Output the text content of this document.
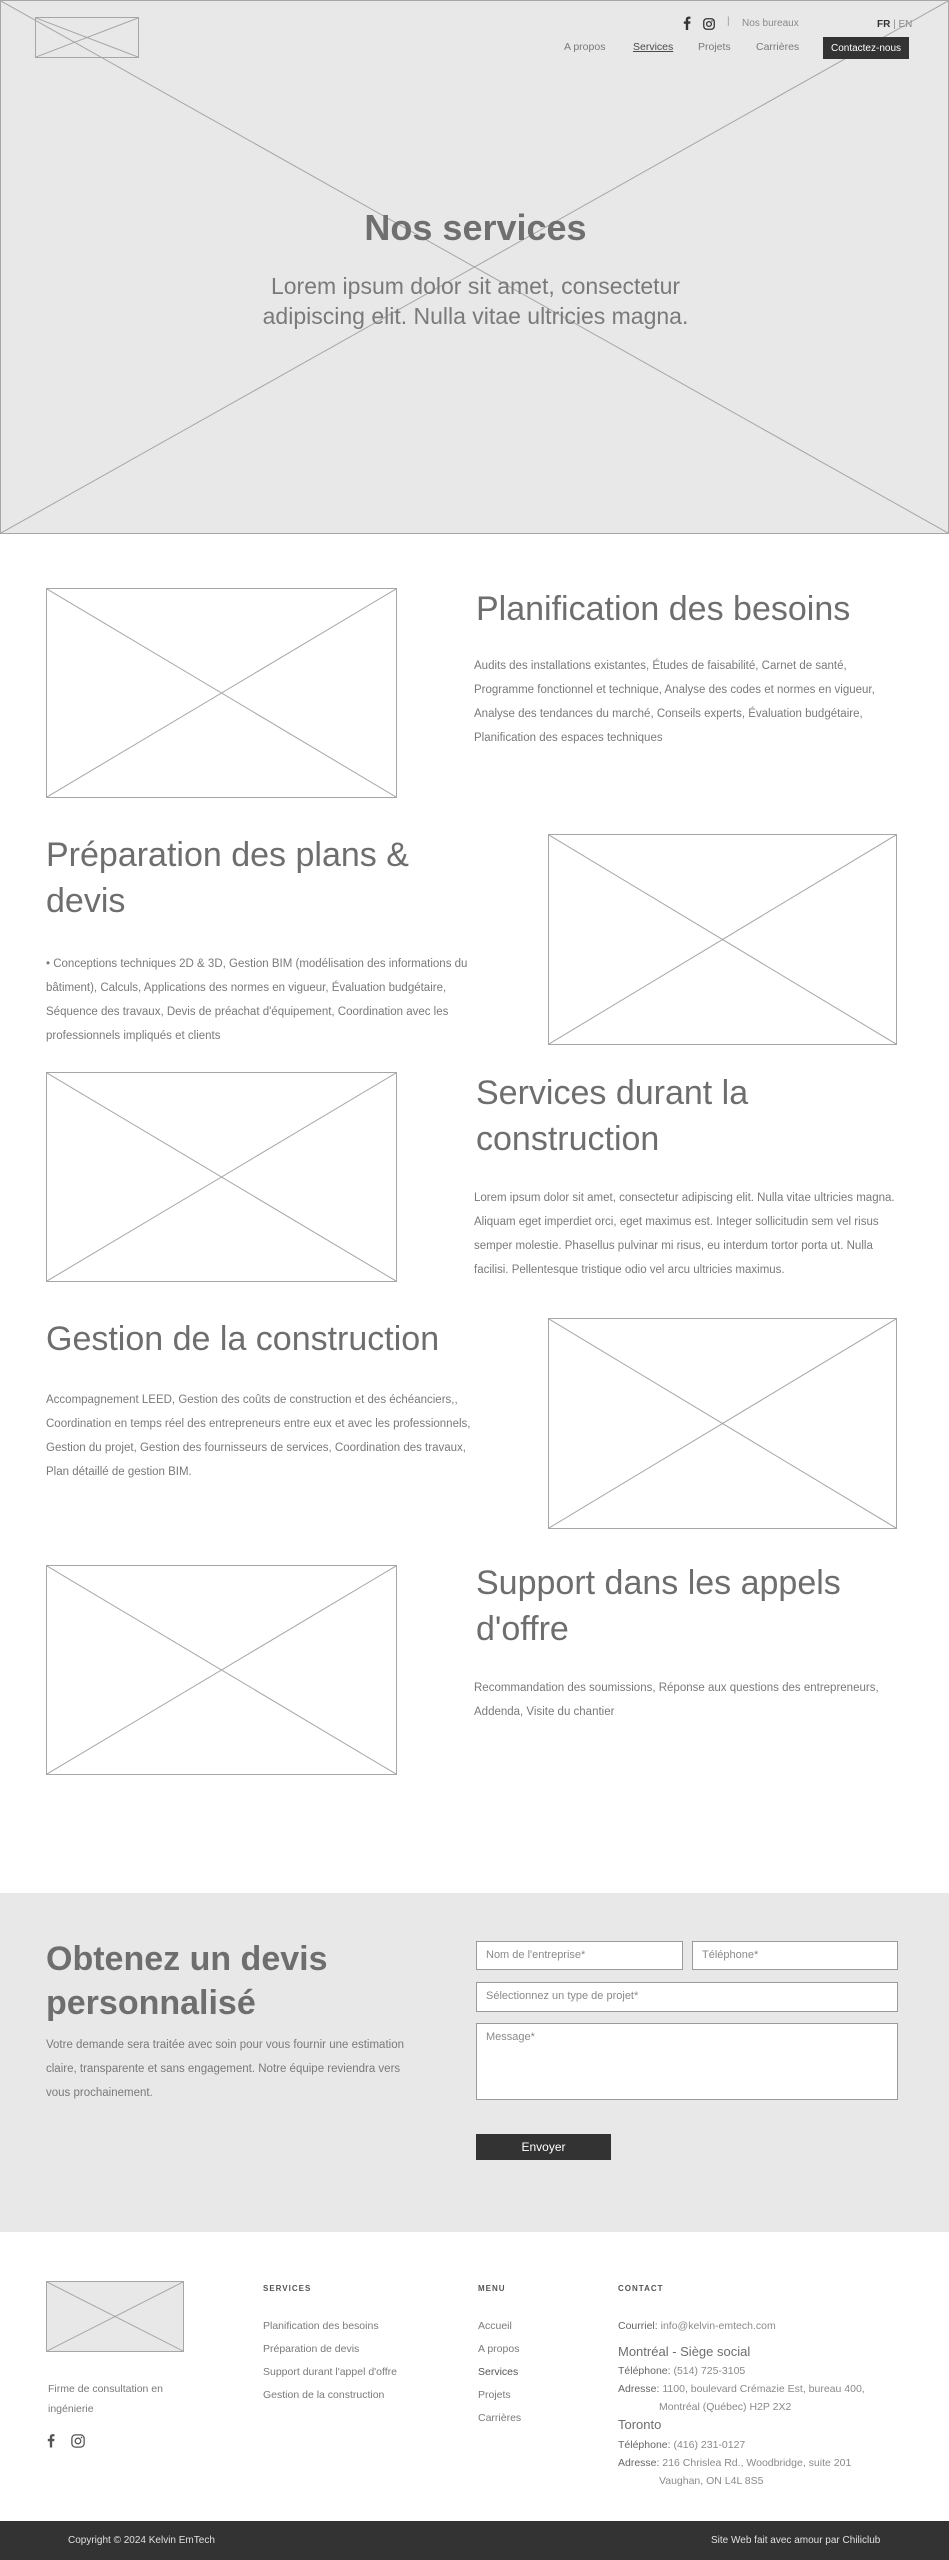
| Nos bureaux	FR | EN
A propos	Services Projets Carrières	Contactez-nous
Nos services
Lorem ipsum dolor sit amet, consectetur adipiscing elit. Nulla vitae ultricies magna.
Planification des besoins
Audits des installations existantes, Études de faisabilité, Carnet de santé, Programme fonctionnel et technique, Analyse des codes et normes en vigueur, Analyse des tendances du marché, Conseils experts, Évaluation budgétaire, Planification des espaces techniques
Préparation des plans & devis
• Conceptions techniques 2D & 3D, Gestion BIM (modélisation des informations du bâtiment), Calculs, Applications des normes en vigueur, Évaluation budgétaire, Séquence des travaux, Devis de préachat d'équipement, Coordination avec les professionnels impliqués et clients
Services durant la construction
Lorem ipsum dolor sit amet, consectetur adipiscing elit. Nulla vitae ultricies magna. Aliquam eget imperdiet orci, eget maximus est. Integer sollicitudin sem vel risus semper molestie. Phasellus pulvinar mi risus, eu interdum tortor porta ut. Nulla facilisi. Pellentesque tristique odio vel arcu ultricies maximus.
Gestion de la construction
Accompagnement LEED, Gestion des coûts de construction et des échéanciers,, Coordination en temps réel des entrepreneurs entre eux et avec les professionnels, Gestion du projet, Gestion des fournisseurs de services, Coordination des travaux, Plan détaillé de gestion BIM.
Support dans les appels d'offre
Recommandation des soumissions, Réponse aux questions des entrepreneurs, Addenda, Visite du chantier
Obtenez un devis personnalisé
Votre demande sera traitée avec soin pour vous fournir une estimation claire, transparente et sans engagement. Notre équipe reviendra vers vous prochainement.
Nom de l'entreprise*	Téléphone*
Sélectionnez un type de projet*
Message*
Envoyer
Firme de consultation en ingénierie
SERVICES
Planification des besoins
Préparation de devis
Support durant l'appel d'offre
Gestion de la construction
MENU
Accueil
A propos
Services
Projets
Carrières
CONTACT
Courriel: info@kelvin-emtech.com
Montréal - Siège social
Téléphone: (514) 725-3105
Adresse: 1100, boulevard Crémazie Est, bureau 400,
Montréal (Québec) H2P 2X2
Toronto
Téléphone: (416) 231-0127
Adresse: 216 Chrislea Rd., Woodbridge, suite 201
Vaughan, ON L4L 8S5
Copyright © 2024 Kelvin EmTech	Site Web fait avec amour par Chiliclub
